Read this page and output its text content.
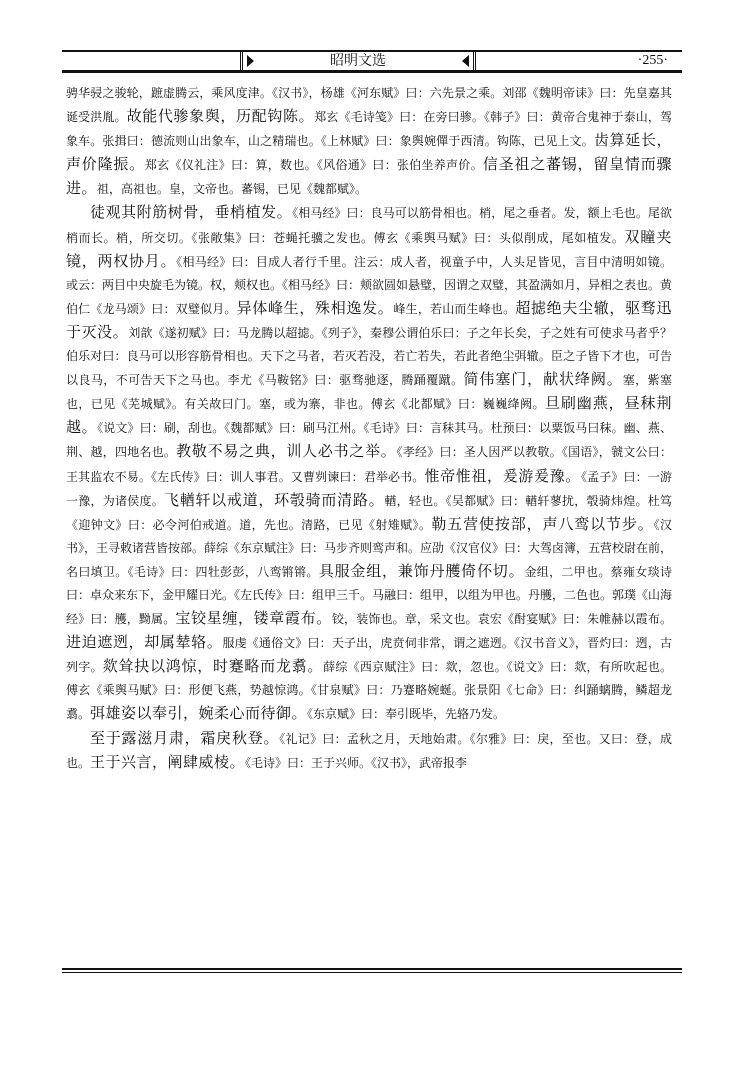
昭明文选	·255·

骋华骎之骏轮，蹠虚腾云，乘风度津。《汉书》，杨雄《河东赋》曰：六先景之乘。刘邵《魏明帝诔》曰：先皇嘉其诞受洪胤。故能代骖象舆，历配钩陈。郑玄《毛诗笺》曰：在旁曰骖。《韩子》曰：黄帝合鬼神于泰山，驾象车。张揖曰：德流则山出象车，山之精瑞也。《上林赋》曰：象舆婉僤于西清。钩陈，已见上文。齿算延长，声价隆振。郑玄《仪礼注》曰：算，数也。《风俗通》曰：张伯坐养声价。信圣祖之蕃锡，留皇情而骤进。祖，高祖也。皇，文帝也。蕃锡，已见《魏都赋》。

徒观其附筋树骨，垂梢植发。《相马经》曰：良马可以筋骨相也。梢，尾之垂者。发，额上毛也。尾欲梢而长。梢，所交切。《张敞集》曰：苍蝇托骥之发也。傅玄《乘舆马赋》曰：头似削成，尾如植发。双瞳夹镜，两权协月。《相马经》曰：目成人者行千里。注云：成人者，视童子中，人头足皆见，言目中清明如镜。或云：两目中央旋毛为镜。权，颊权也。《相马经》曰：颊欲圆如悬璧，因谓之双璧，其盈满如月，异相之表也。黄伯仁《龙马颂》曰：双璧似月。异体峰生，殊相逸发。峰生，若山而生峰也。超摅绝夫尘辙，驱骛迅于灭没。刘歆《遂初赋》曰：马龙腾以超摅。《列子》，秦穆公谓伯乐曰：子之年长矣，子之姓有可使求马者乎？伯乐对曰：良马可以形容筋骨相也。天下之马者，若灭若没，若亡若失，若此者绝尘弭辙。臣之子皆下才也，可告以良马，不可告天下之马也。李尤《马鞍铭》曰：驱骛驰逐，腾踊覆蹴。简伟塞门，献状绛阙。塞，紫塞也，已见《芜城赋》。有关故曰门。塞，或为寨，非也。傅玄《北都赋》曰：巍巍绛阙。旦刷幽燕，昼秣荆越。《说文》曰：刷，刮也。《魏都赋》曰：刷马江州。《毛诗》曰：言秣其马。杜预曰：以粟饭马曰秣。幽、燕、荆、越，四地名也。教敬不易之典，训人必书之举。《孝经》曰：圣人因严以教敬。《国语》，虢文公曰：王其监农不易。《左氏传》曰：训人事君。又曹刿谏曰：君举必书。惟帝惟祖，爰游爰豫。《孟子》曰：一游一豫，为诸侯度。飞輶轩以戒道，环彀骑而清路。輶，轻也。《吴都赋》曰：輶轩蓼扰，彀骑炜煌。杜笃《迎钟文》曰：必令河伯戒道。道，先也。清路，已见《射雉赋》。勒五营使按部，声八鸾以节步。《汉书》，王寻敕诸营皆按部。薛综《东京赋注》曰：马步齐则鸾声和。应劭《汉官仪》曰：大驾卤簿，五营校尉在前，名曰填卫。《毛诗》曰：四牡彭彭，八鸾锵锵。具服金组，兼饰丹雘倚伓切。金组，二甲也。蔡雍女琰诗曰：卓众来东下，金甲耀日光。《左氏传》曰：组甲三千。马融曰：组甲，以组为甲也。丹雘，二色也。郭璞《山海经》曰：雘，黝属。宝铰星缠，镂章霞布。铰，装饰也。章，采文也。袁宏《酎宴赋》曰：朱帷赫以霞布。进迫遮迾，却属辇辂。服虔《通俗文》曰：天子出，虎贲伺非常，谓之遮迾。《汉书音义》，晋灼曰：迾，古列字。欻耸抉以鸿惊，时蹇略而龙翥。薛综《西京赋注》曰：欻，忽也。《说文》曰：欻，有所吹起也。傅玄《乘舆马赋》曰：形便飞燕，势越惊鸿。《甘泉赋》曰：乃蹇略婉蜒。张景阳《七命》曰：纠踊螭腾，鳞超龙翥。弭雄姿以奉引，婉柔心而待御。《东京赋》曰：奉引既毕，先辂乃发。

至于露滋月肃，霜戾秋登。《礼记》曰：孟秋之月，天地始肃。《尔雅》曰：戾，至也。又曰：登，成也。王于兴言，阐肆威棱。《毛诗》曰：王于兴师。《汉书》，武帝报李
